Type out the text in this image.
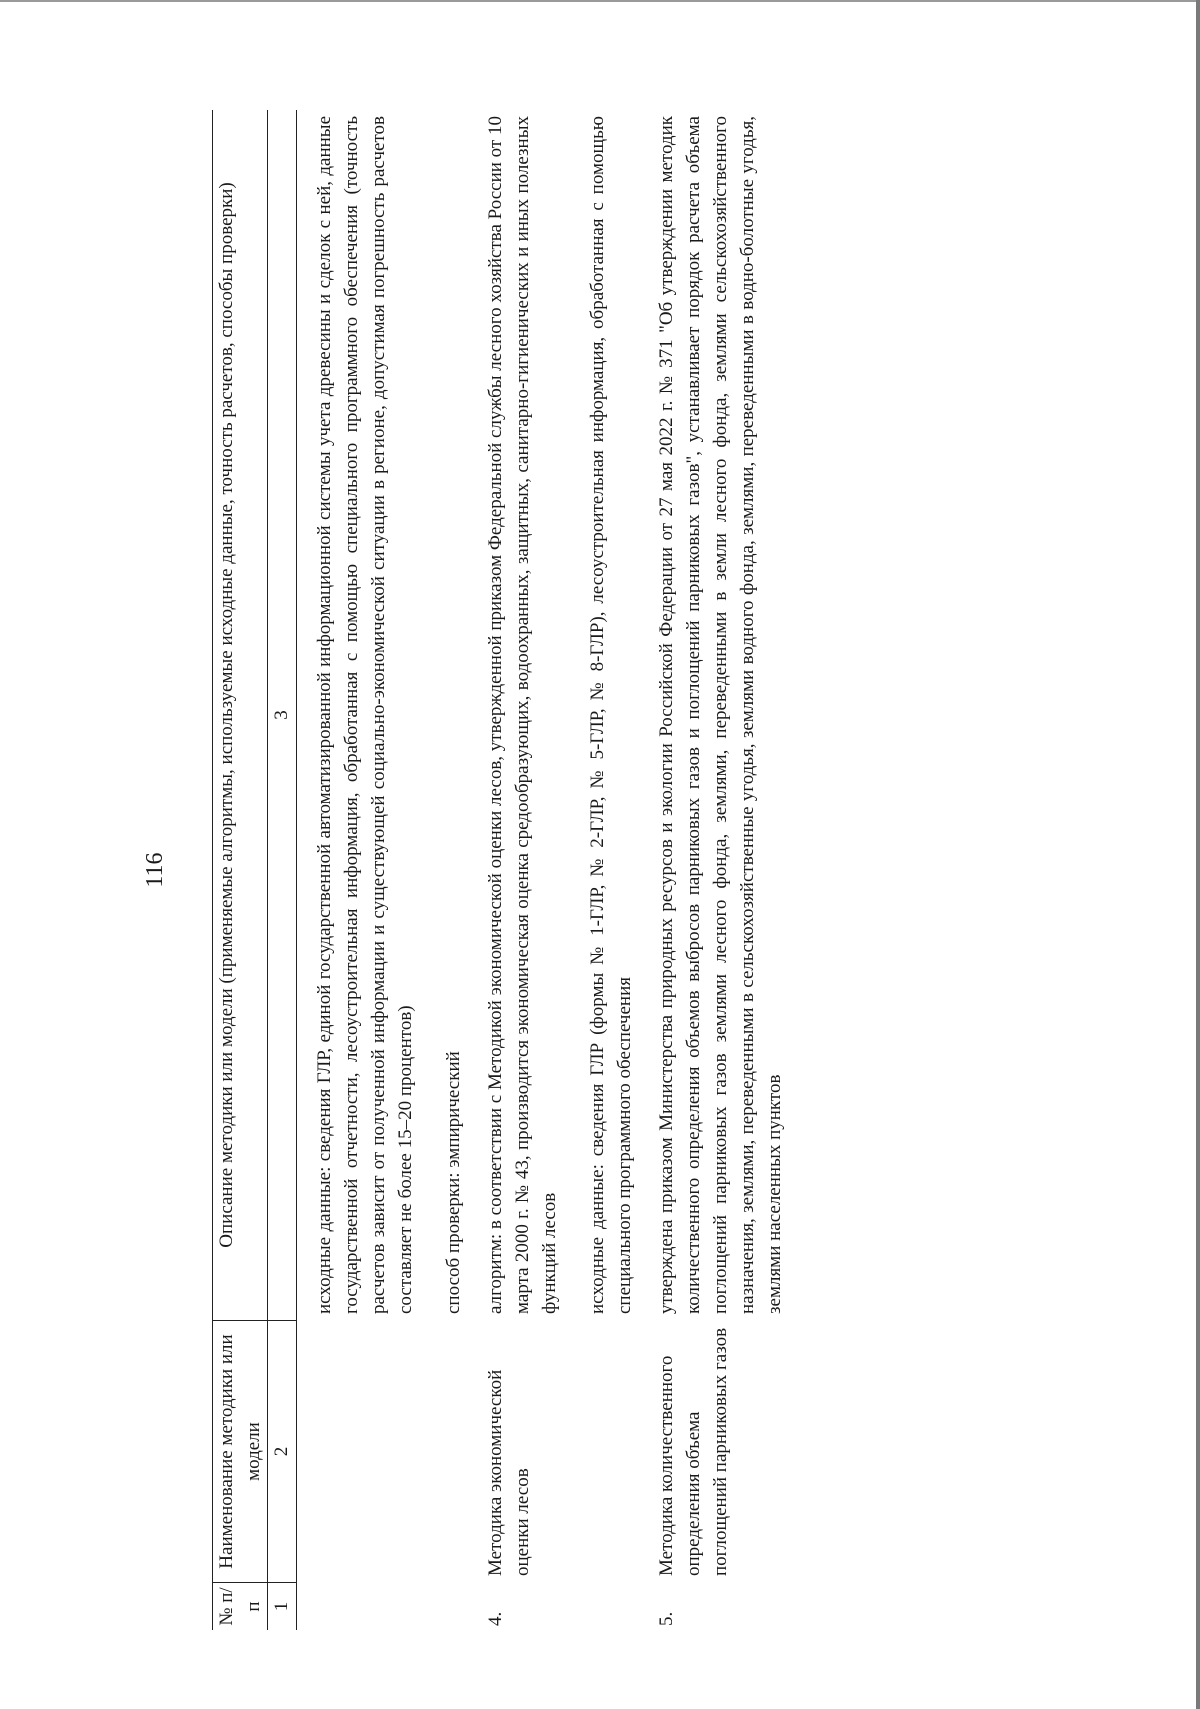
116
№ п/п
Наименование методики или модели
Описание методики или модели (применяемые алгоритмы, используемые исходные данные, точность расчетов, способы проверки)
1
2
3 исходные данные: сведения ГЛР, единой государственной автоматизированной информационной системы учета древесины и сделок с ней, данные государственной отчетности, лесоустроительная информация, обработанная с помощью специального программного обеспечения (точность расчетов зависит от полученной информации и существующей социально-экономической ситуации в регионе, допустимая погрешность расчетов составляет не более 15–20 процентов) способ проверки: эмпирический

4.
Методика экономической оценки лесов

алгоритм: в соответствии с Методикой экономической оценки лесов, утвержденной приказом Федеральной службы лесного хозяйства России от 10 марта 2000 г. № 43, производится экономическая оценка средообразующих, водоохранных, защитных, санитарно-гигиенических и иных полезных функций лесов исходные данные: сведения ГЛР (формы № 1-ГЛР, № 2-ГЛР, № 5-ГЛР, № 8-ГЛР), лесоустроительная информация, обработанная с помощью специального программного обеспечения

5.
Методика количественного определения объема поглощений парниковых газов

утверждена приказом Министерства природных ресурсов и экологии Российской Федерации от 27 мая 2022 г. № 371 "Об утверждении методик количественного определения объемов выбросов парниковых газов и поглощений парниковых газов", устанавливает порядок расчета объема поглощений парниковых газов землями лесного фонда, землями, переведенными в земли лесного фонда, землями сельскохозяйственного назначения, землями, переведенными в сельскохозяйственные угодья, землями водного фонда, землями, переведенными в водно-болотные угодья, землями населенных пунктов
